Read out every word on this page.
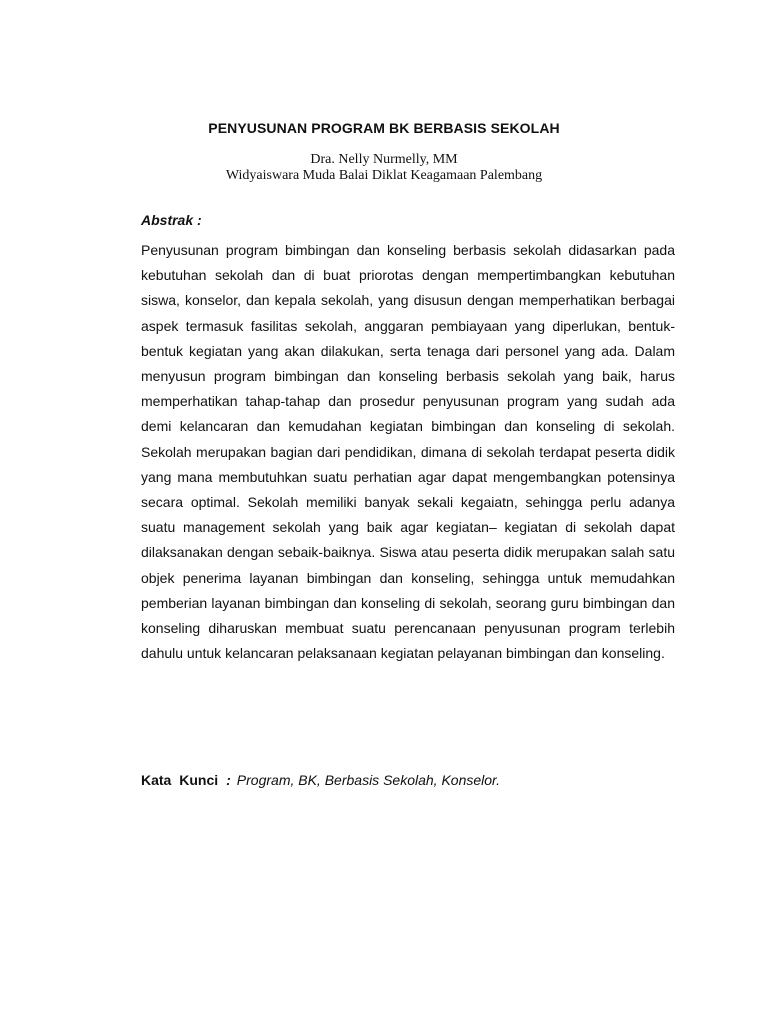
PENYUSUNAN PROGRAM BK BERBASIS SEKOLAH
Dra. Nelly Nurmelly, MM
Widyaiswara Muda Balai Diklat Keagamaan Palembang
Abstrak :
Penyusunan program bimbingan dan konseling berbasis sekolah didasarkan pada kebutuhan sekolah dan di buat priorotas dengan mempertimbangkan kebutuhan siswa, konselor, dan kepala sekolah, yang disusun dengan memperhatikan berbagai aspek termasuk fasilitas sekolah, anggaran pembiayaan yang diperlukan, bentuk-bentuk kegiatan yang akan dilakukan, serta tenaga dari personel yang ada. Dalam menyusun program bimbingan dan konseling berbasis sekolah yang baik, harus memperhatikan tahap-tahap dan prosedur penyusunan program yang sudah ada demi kelancaran dan kemudahan kegiatan bimbingan dan konseling di sekolah. Sekolah merupakan bagian dari pendidikan, dimana di sekolah terdapat peserta didik yang mana membutuhkan suatu perhatian agar dapat mengembangkan potensinya secara optimal. Sekolah memiliki banyak sekali kegaiatn, sehingga perlu adanya suatu management sekolah yang baik agar kegiatan– kegiatan di sekolah dapat dilaksanakan dengan sebaik-baiknya. Siswa atau peserta didik merupakan salah satu objek penerima layanan bimbingan dan konseling, sehingga untuk memudahkan pemberian layanan bimbingan dan konseling di sekolah, seorang guru bimbingan dan konseling diharuskan membuat suatu perencanaan penyusunan program terlebih dahulu untuk kelancaran pelaksanaan kegiatan pelayanan bimbingan dan konseling.
Kata Kunci : Program, BK, Berbasis Sekolah, Konselor.
